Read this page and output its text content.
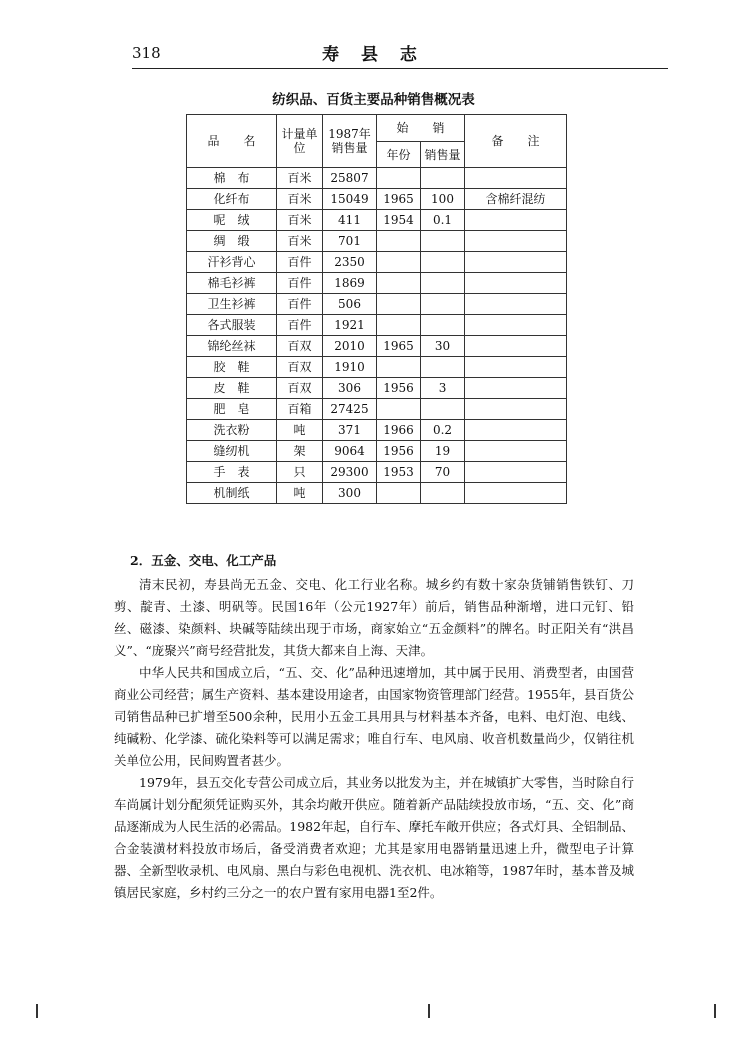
318	寿 县 志
纺织品、百货主要品种销售概况表
品　　名	计量单位	1987年销售量	始　　销		备　　注
			年份	销售量	
棉　布	百米	25807			
化纤布	百米	15049	1965	100	含棉纤混纺
呢　绒	百米	411	1954	0.1	
绸　缎	百米	701			
汗衫背心	百件	2350			
棉毛衫裤	百件	1869			
卫生衫裤	百件	506			
各式服装	百件	1921			
锦纶丝袜	百双	2010	1965	30	
胶　鞋	百双	1910			
皮　鞋	百双	306	1956	3	
肥　皂	百箱	27425			
洗衣粉	吨	371	1966	0.2	
缝纫机	架	9064	1956	19	
手　表	只	29300	1953	70	
机制纸	吨	300			
2．五金、交电、化工产品

清末民初，寿县尚无五金、交电、化工行业名称。城乡约有数十家杂货铺销售铁钉、刀剪、靛青、土漆、明矾等。民国16年（公元1927年）前后，销售品种渐增，进口元钉、铅丝、磁漆、染颜料、块碱等陆续出现于市场，商家始立“五金颜料”的牌名。时正阳关有“洪昌义”、“庞聚兴”商号经营批发，其货大都来自上海、天津。

中华人民共和国成立后，“五、交、化”品种迅速增加，其中属于民用、消费型者，由国营商业公司经营；属生产资料、基本建设用途者，由国家物资管理部门经营。1955年，县百货公司销售品种已扩增至500余种，民用小五金工具用具与材料基本齐备，电料、电灯泡、电线、纯碱粉、化学漆、硫化染料等可以满足需求；唯自行车、电风扇、收音机数量尚少，仅销往机关单位公用，民间购置者甚少。

1979年，县五交化专营公司成立后，其业务以批发为主，并在城镇扩大零售，当时除自行车尚属计划分配须凭证购买外，其余均敞开供应。随着新产品陆续投放市场，“五、交、化”商品逐渐成为人民生活的必需品。1982年起，自行车、摩托车敞开供应；各式灯具、全铝制品、合金装潢材料投放市场后，备受消费者欢迎；尤其是家用电器销量迅速上升，微型电子计算器、全新型收录机、电风扇、黑白与彩色电视机、洗衣机、电冰箱等，1987年时，基本普及城镇居民家庭，乡村约三分之一的农户置有家用电器1至2件。
